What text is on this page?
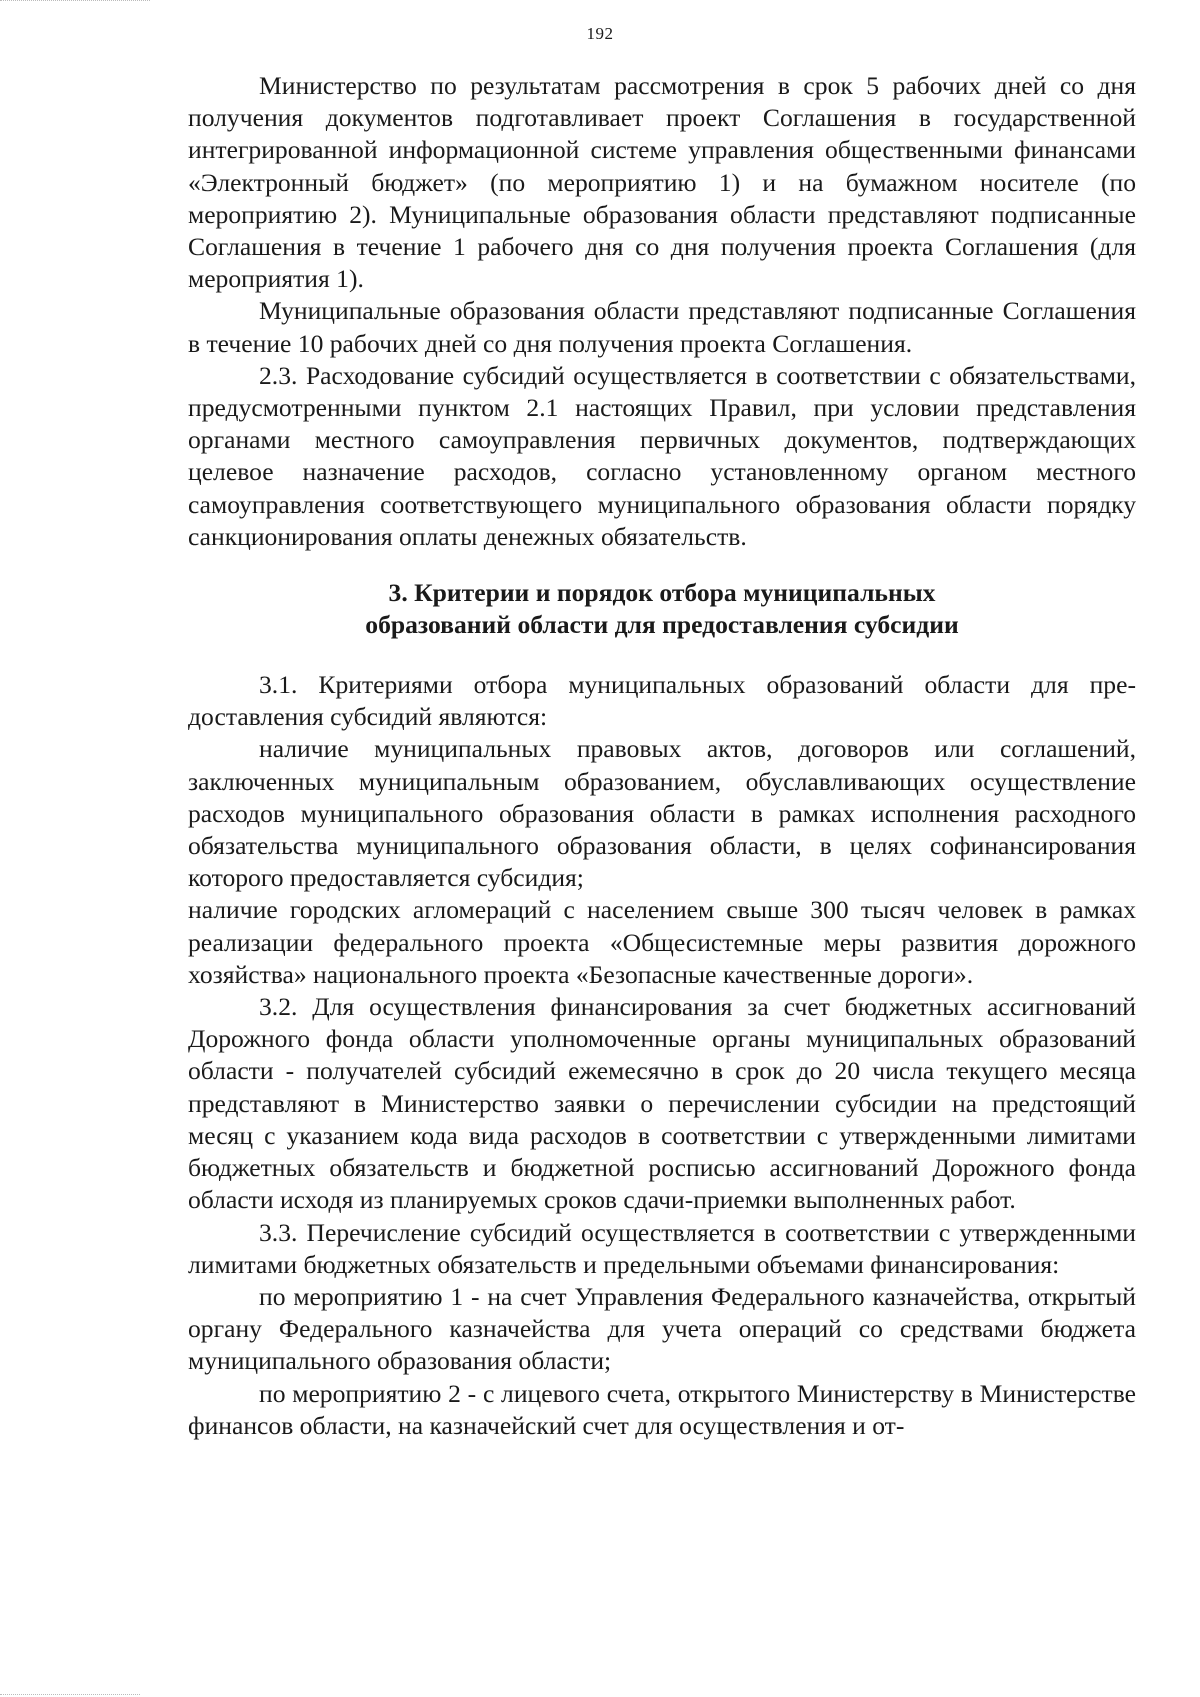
192

Министерство по результатам рассмотрения в срок 5 рабочих дней со дня получения документов подготавливает проект Соглашения в государственной интегрированной информационной системе управления общественными финансами «Электронный бюджет» (по мероприятию 1) и на бумажном носителе (по мероприятию 2). Муниципальные образования области представляют подписанные Соглашения в течение 1 рабочего дня со дня получения проекта Соглашения (для мероприятия 1).

Муниципальные образования области представляют подписанные Соглашения в течение 10 рабочих дней со дня получения проекта Соглашения.

2.3. Расходование субсидий осуществляется в соответствии с обязательствами, предусмотренными пунктом 2.1 настоящих Правил, при условии представления органами местного самоуправления первичных документов, подтверждающих целевое назначение расходов, согласно установленному органом местного самоуправления соответствующего муниципального образования области порядку санкционирования оплаты денежных обязательств.

3. Критерии и порядок отбора муниципальных

образований области для предоставления субсидии

3.1. Критериями отбора муниципальных образований области для предоставления субсидий являются:

наличие муниципальных правовых актов, договоров или соглашений, заключенных муниципальным образованием, обуславливающих осуществление расходов муниципального образования области в рамках исполнения расходного обязательства муниципального образования области, в целях софинансирования которого предоставляется субсидия;

наличие городских агломераций с населением свыше 300 тысяч человек в рамках реализации федерального проекта «Общесистемные меры развития дорожного хозяйства» национального проекта «Безопасные качественные дороги».

3.2. Для осуществления финансирования за счет бюджетных ассигнований Дорожного фонда области уполномоченные органы муниципальных образований области - получателей субсидий ежемесячно в срок до 20 числа текущего месяца представляют в Министерство заявки о перечислении субсидии на предстоящий месяц с указанием кода вида расходов в соответствии с утвержденными лимитами бюджетных обязательств и бюджетной росписью ассигнований Дорожного фонда области исходя из планируемых сроков сдачи-приемки выполненных работ.

3.3. Перечисление субсидий осуществляется в соответствии с утвержденными лимитами бюджетных обязательств и предельными объемами финансирования:

по мероприятию 1 - на счет Управления Федерального казначейства, открытый органу Федерального казначейства для учета операций со средствами бюджета муниципального образования области;

по мероприятию 2 - с лицевого счета, открытого Министерству в Министерстве финансов области, на казначейский счет для осуществления и от-
